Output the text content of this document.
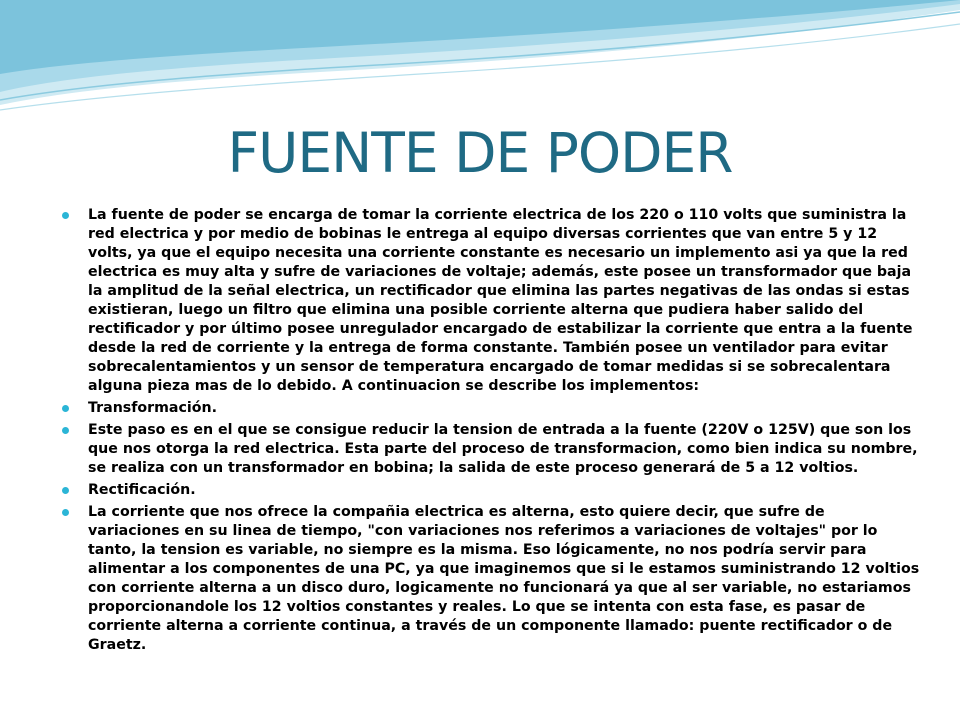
FUENTE DE PODER
La fuente de poder se encarga de tomar la corriente electrica de los 220 o 110 volts que suministra la red electrica y por medio de bobinas le entrega al equipo diversas corrientes que van entre 5 y 12 volts, ya que el equipo necesita una corriente constante es necesario un implemento asi ya que la red electrica es muy alta y sufre de variaciones de voltaje; además, este posee un transformador que baja la amplitud de la señal electrica, un rectificador que elimina las partes negativas de las ondas si estas existieran, luego un filtro que elimina una posible corriente alterna que pudiera haber salido del rectificador y por último posee unregulador encargado de estabilizar la corriente que entra a la fuente desde la red de corriente y la entrega de forma constante. También posee un ventilador para evitar sobrecalentamientos y un sensor de temperatura encargado de tomar medidas si se sobrecalentara alguna pieza mas de lo debido. A continuacion se describe los implementos:
Transformación.
Este paso es en el que se consigue reducir la tension de entrada a la fuente (220V o 125V) que son los que nos otorga la red electrica. Esta parte del proceso de transformacion, como bien indica su nombre, se realiza con un transformador en bobina; la salida de este proceso generará de 5 a 12 voltios.
Rectificación.
La corriente que nos ofrece la compañia electrica es alterna, esto quiere decir, que sufre de variaciones en su linea de tiempo, "con variaciones nos referimos a variaciones de voltajes" por lo tanto, la tension es variable, no siempre es la misma. Eso lógicamente, no nos podría servir para alimentar a los componentes de una PC, ya que imaginemos que si le estamos suministrando 12 voltios con corriente alterna a un disco duro, logicamente no funcionará ya que al ser variable, no estariamos proporcionandole los 12 voltios constantes y reales. Lo que se intenta con esta fase, es pasar de corriente alterna a corriente continua, a través de un componente llamado: puente rectificador o de Graetz.
